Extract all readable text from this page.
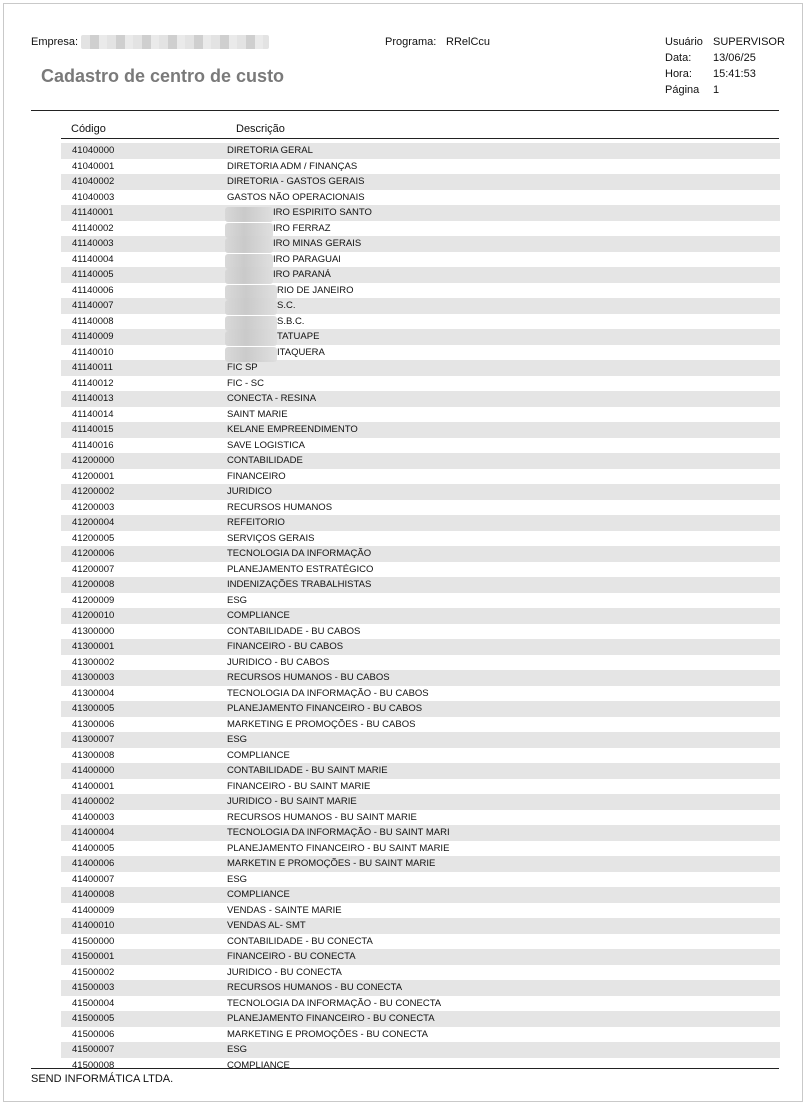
Empresa:	Programa: RRelCcu	Usuário SUPERVISOR
Data: 13/06/25
Hora: 15:41:53
Página 1
Cadastro de centro de custo
Código	Descrição
41040000	DIRETORIA GERAL
41040001	DIRETORIA ADM / FINANÇAS
41040002	DIRETORIA - GASTOS GERAIS
41040003	GASTOS NÃO OPERACIONAIS
41140001	IRO ESPIRITO SANTO
41140002	IRO FERRAZ
41140003	IRO MINAS GERAIS
41140004	IRO PARAGUAI
41140005	IRO PARANÁ
41140006	RIO DE JANEIRO
41140007	S.C.
41140008	S.B.C.
41140009	TATUAPE
41140010	ITAQUERA
41140011	FIC SP
41140012	FIC - SC
41140013	CONECTA - RESINA
41140014	SAINT MARIE
41140015	KELANE EMPREENDIMENTO
41140016	SAVE LOGISTICA
41200000	CONTABILIDADE
41200001	FINANCEIRO
41200002	JURIDICO
41200003	RECURSOS HUMANOS
41200004	REFEITORIO
41200005	SERVIÇOS GERAIS
41200006	TECNOLOGIA DA INFORMAÇÃO
41200007	PLANEJAMENTO ESTRATÉGICO
41200008	INDENIZAÇÕES TRABALHISTAS
41200009	ESG
41200010	COMPLIANCE
41300000	CONTABILIDADE - BU CABOS
41300001	FINANCEIRO - BU CABOS
41300002	JURIDICO - BU CABOS
41300003	RECURSOS HUMANOS - BU CABOS
41300004	TECNOLOGIA DA INFORMAÇÃO - BU CABOS
41300005	PLANEJAMENTO FINANCEIRO - BU CABOS
41300006	MARKETING E PROMOÇÕES - BU CABOS
41300007	ESG
41300008	COMPLIANCE
41400000	CONTABILIDADE - BU SAINT MARIE
41400001	FINANCEIRO - BU SAINT MARIE
41400002	JURIDICO - BU SAINT MARIE
41400003	RECURSOS HUMANOS - BU SAINT MARIE
41400004	TECNOLOGIA DA INFORMAÇÃO - BU SAINT MARI
41400005	PLANEJAMENTO FINANCEIRO - BU SAINT MARIE
41400006	MARKETIN E PROMOÇÕES - BU SAINT MARIE
41400007	ESG
41400008	COMPLIANCE
41400009	VENDAS - SAINTE MARIE
41400010	VENDAS AL- SMT
41500000	CONTABILIDADE - BU CONECTA
41500001	FINANCEIRO - BU CONECTA
41500002	JURIDICO - BU CONECTA
41500003	RECURSOS HUMANOS - BU CONECTA
41500004	TECNOLOGIA DA INFORMAÇÃO - BU CONECTA
41500005	PLANEJAMENTO FINANCEIRO - BU CONECTA
41500006	MARKETING E PROMOÇÕES - BU CONECTA
41500007	ESG
41500008	COMPLIANCE
SEND INFORMÁTICA LTDA.
